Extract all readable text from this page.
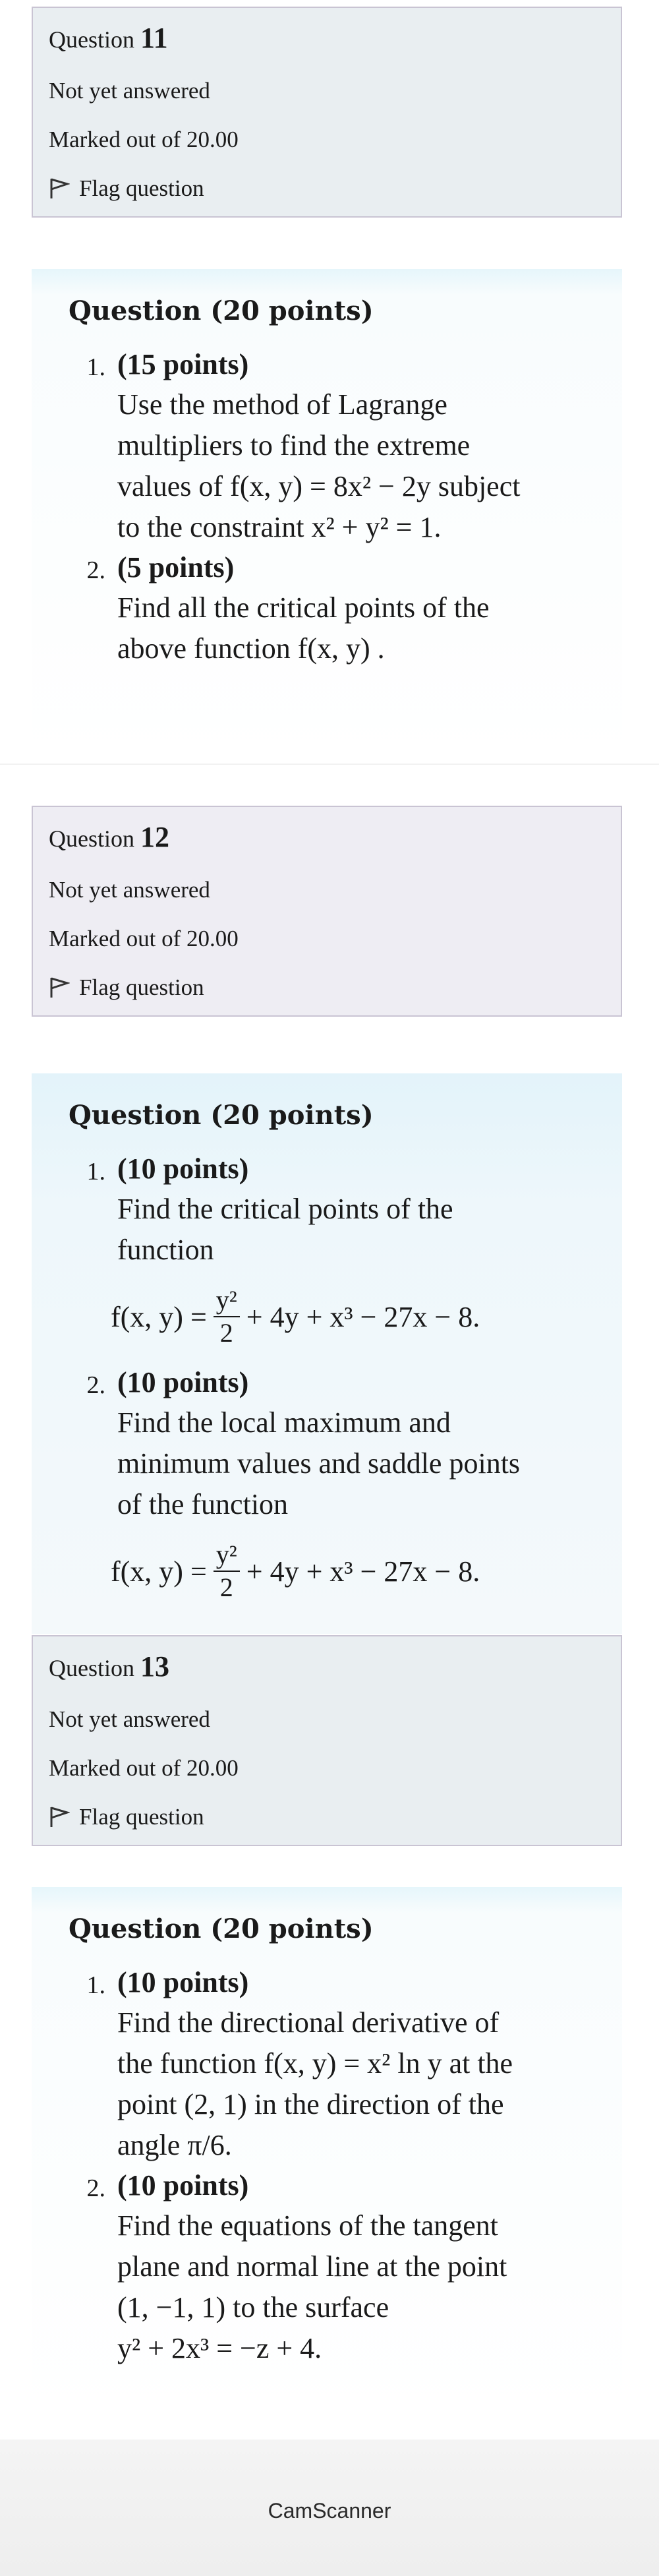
Question 11
Not yet answered
Marked out of 20.00
Flag question
Question (20 points)
1. (15 points)
Use the method of Lagrange
multipliers to find the extreme
values of f(x, y) = 8x² − 2y subject
to the constraint x² + y² = 1.
2. (5 points)
Find all the critical points of the
above function f(x, y) .
Question 12
Not yet answered
Marked out of 20.00
Flag question
Question (20 points)
1. (10 points)
Find the critical points of the
function
f(x, $y) = \frac{\text{y²}}{2} + 4y + x^3 - 27x - 8$.
2. (10 points)
Find the local maximum and
minimum values and saddle points
of the function
f(x, $y) = \frac{\text{y²}}{2} + 4y + x^3 - 27x - 8$.
Question 13
Not yet answered
Marked out of 20.00
Flag question
Question (20 points)
1. (10 points)
Find the directional derivative of
the function f(x, y) = x² ln y at the
point (2, 1) in the direction of the
angle π/6.
2. (10 points)
Find the equations of the tangent
plane and normal line at the point
(1, −1, 1) to the surface
y² + 2x³ = −z + 4.
CamScanner
